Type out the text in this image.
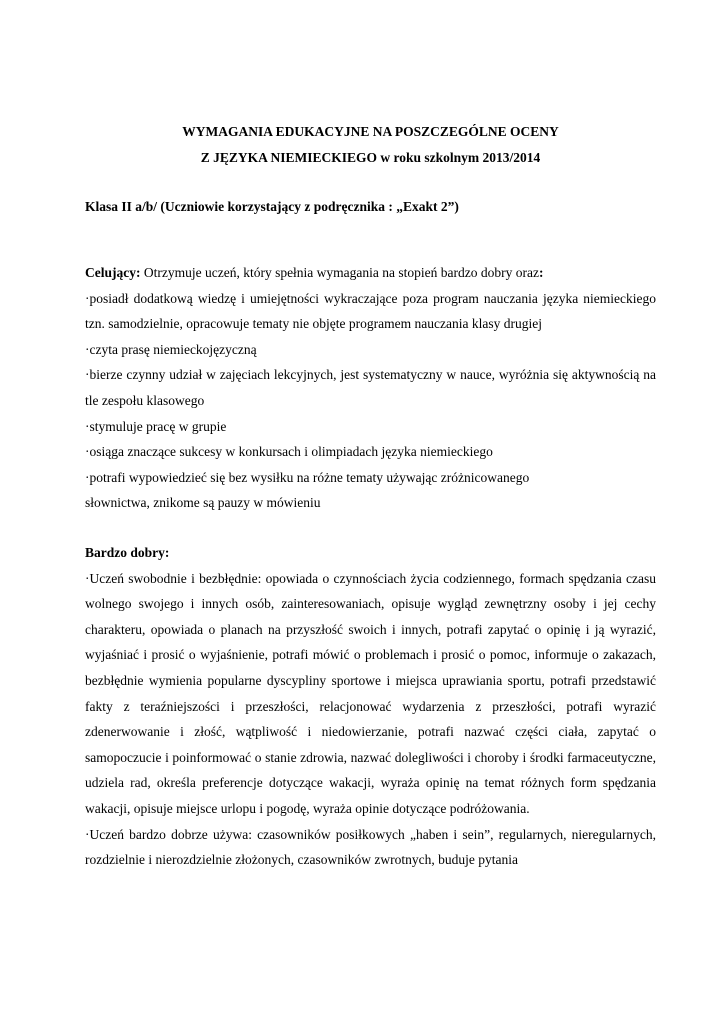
WYMAGANIA EDUKACYJNE NA POSZCZEGÓLNE OCENY
Z JĘZYKA NIEMIECKIEGO w roku szkolnym 2013/2014
Klasa II a/b/ (Uczniowie korzystający z podręcznika : „Exakt 2”)

Celujący: Otrzymuje uczeń, który spełnia wymagania na stopień bardzo dobry oraz:

·posiadł dodatkową wiedzę i umiejętności wykraczające poza program nauczania języka niemieckiego tzn. samodzielnie, opracowuje tematy nie objęte programem nauczania klasy drugiej

·czyta prasę niemieckojęzyczną

·bierze czynny udział w zajęciach lekcyjnych, jest systematyczny w nauce, wyróżnia się aktywnością na tle zespołu klasowego

·stymuluje pracę w grupie

·osiąga znaczące sukcesy w konkursach i olimpiadach języka niemieckiego

·potrafi wypowiedzieć się bez wysiłku na różne tematy używając zróżnicowanego

słownictwa, znikome są pauzy w mówieniu

Bardzo dobry:

·Uczeń swobodnie i bezbłędnie: opowiada o czynnościach życia codziennego, formach spędzania czasu wolnego swojego i innych osób, zainteresowaniach, opisuje wygląd zewnętrzny osoby i jej cechy charakteru, opowiada o planach na przyszłość swoich i innych, potrafi zapytać o opinię i ją wyrazić, wyjaśniać i prosić o wyjaśnienie, potrafi mówić o problemach i prosić o pomoc, informuje o zakazach, bezbłędnie wymienia popularne dyscypliny sportowe i miejsca uprawiania sportu, potrafi przedstawić fakty z teraźniejszości i przeszłości, relacjonować wydarzenia z przeszłości, potrafi wyrazić zdenerwowanie i złość, wątpliwość i niedowierzanie, potrafi nazwać części ciała, zapytać o samopoczucie i poinformować o stanie zdrowia, nazwać dolegliwości i choroby i środki farmaceutyczne, udziela rad, określa preferencje dotyczące wakacji, wyraża opinię na temat różnych form spędzania wakacji, opisuje miejsce urlopu i pogodę, wyraża opinie dotyczące podróżowania.

·Uczeń bardzo dobrze używa: czasowników posiłkowych „haben i sein”, regularnych, nieregularnych, rozdzielnie i nierozdzielnie złożonych, czasowników zwrotnych, buduje pytania
